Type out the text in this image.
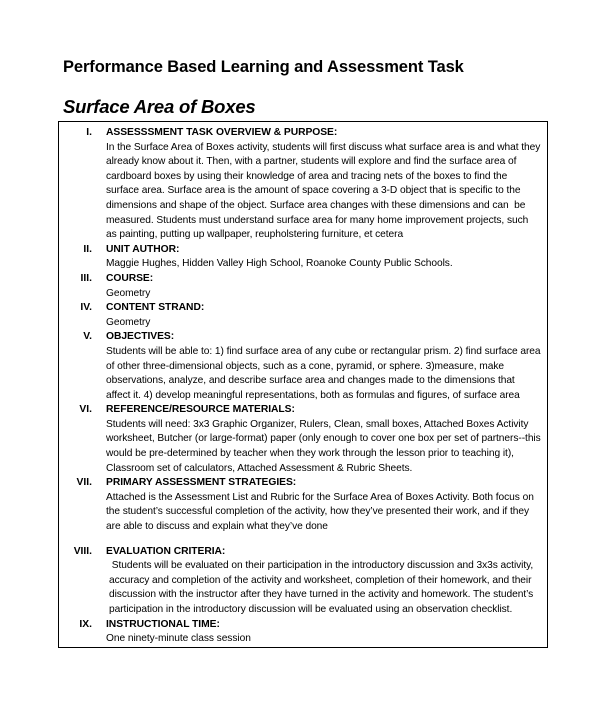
Performance Based Learning and Assessment Task
Surface Area of Boxes
I. ASSESSSMENT TASK OVERVIEW & PURPOSE:
In the Surface Area of Boxes activity, students will first discuss what surface area is and what they already know about it. Then, with a partner, students will explore and find the surface area of cardboard boxes by using their knowledge of area and tracing nets of the boxes to find the surface area. Surface area is the amount of space covering a 3-D object that is specific to the dimensions and shape of the object. Surface area changes with these dimensions and can  be measured. Students must understand surface area for many home improvement projects, such as painting, putting up wallpaper, reupholstering furniture, et cetera
II. UNIT AUTHOR:
Maggie Hughes, Hidden Valley High School, Roanoke County Public Schools.
III. COURSE:
Geometry
IV. CONTENT STRAND:
Geometry
V. OBJECTIVES:
Students will be able to: 1) find surface area of any cube or rectangular prism. 2) find surface area of other three-dimensional objects, such as a cone, pyramid, or sphere. 3)measure, make observations, analyze, and describe surface area and changes made to the dimensions that affect it. 4) develop meaningful representations, both as formulas and figures, of surface area
VI. REFERENCE/RESOURCE MATERIALS:
Students will need: 3x3 Graphic Organizer, Rulers, Clean, small boxes, Attached Boxes Activity worksheet, Butcher (or large-format) paper (only enough to cover one box per set of partners--this would be pre-determined by teacher when they work through the lesson prior to teaching it), Classroom set of calculators, Attached Assessment & Rubric Sheets.
VII. PRIMARY ASSESSMENT STRATEGIES:
Attached is the Assessment List and Rubric for the Surface Area of Boxes Activity. Both focus on the student’s successful completion of the activity, how they’ve presented their work, and if they are able to discuss and explain what they’ve done
VIII. EVALUATION CRITERIA:
Students will be evaluated on their participation in the introductory discussion and 3x3s activity, accuracy and completion of the activity and worksheet, completion of their homework, and their discussion with the instructor after they have turned in the activity and homework. The student’s participation in the introductory discussion will be evaluated using an observation checklist.
IX. INSTRUCTIONAL TIME:
One ninety-minute class session
